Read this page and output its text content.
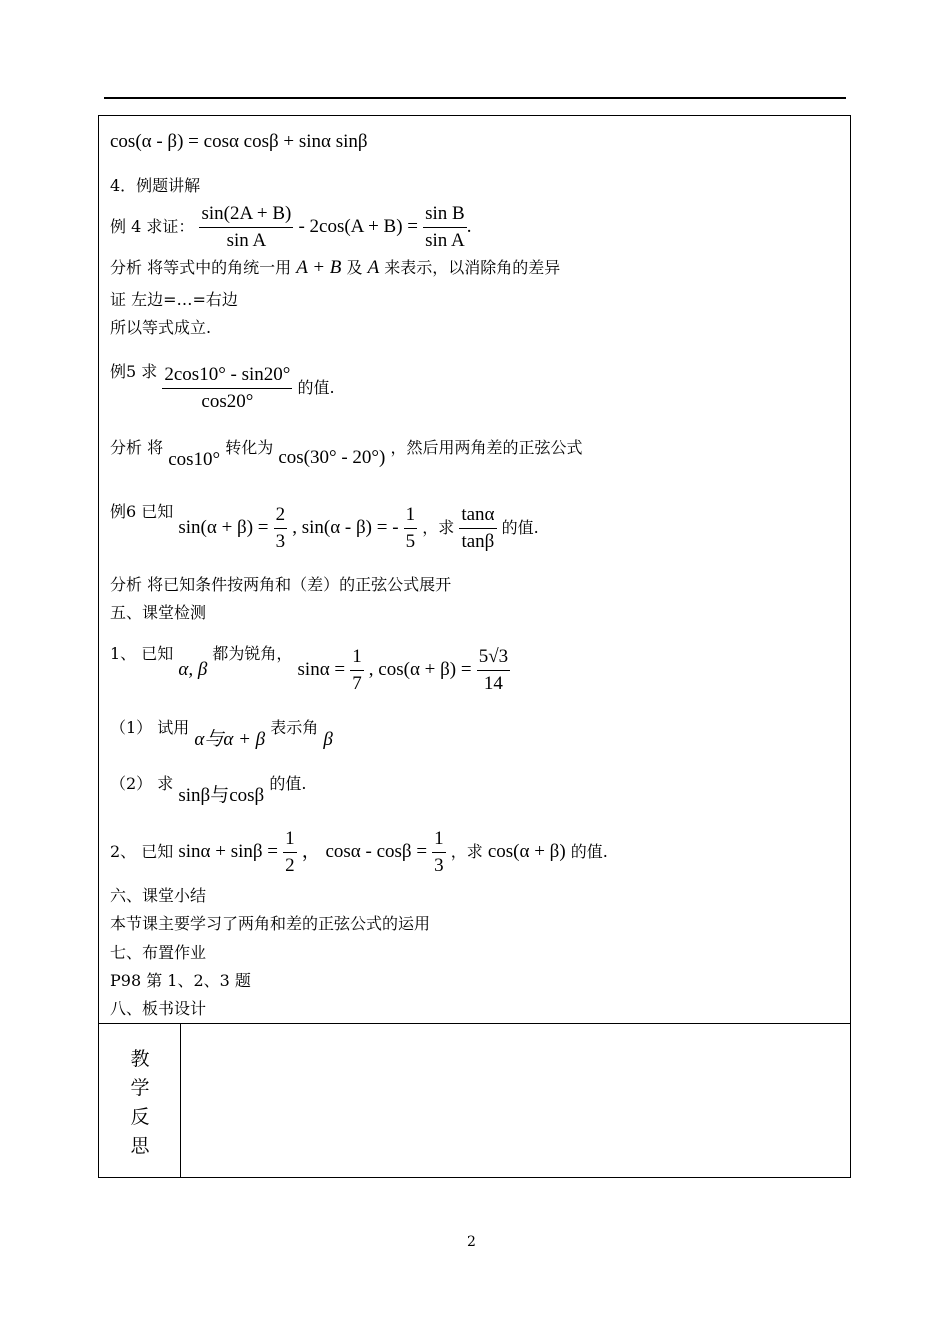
cos(α - β) = cosα cosβ + sinα sinβ
4．例题讲解
例 4 求证： $\frac{\sin(2A + B)}{\text{sin A}} - 2\cos(A + B) = \frac{\text{sin B}}{\text{sin A}}$ .
分析 将等式中的角统一用 A + B 及 A 来表示，以消除角的差异
证 左边=…=右边
所以等式成立.
例5 求 $\frac{2\cos 10^\circ - \sin 20^\circ}{\cos 20^\circ}$ 的值.
分析 将 cos10° 转化为 cos(30° - 20°) ，然后用两角差的正弦公式
例6 已知 $\sin(\alpha + \beta) = \frac{2}{3}$ , sin(α - β) = - $\frac{1}{5}$ ，求 $\frac{\tan\alpha}{\tan\beta}$ 的值.
分析 将已知条件按两角和（差）的正弦公式展开
五、课堂检测
1、 已知 α, β 都为锐角， $\sin\alpha = \frac{1}{7}$ , $\cos(\alpha + \beta) = \frac{5√3}{14}$
（1） 试用 α与α + β 表示角 β
（2） 求 sinβ与cosβ 的值.
2、 已知 $\sin\alpha + \sin\beta = \frac{1}{2}$ ， $\cos\alpha - \cos\beta = \frac{1}{3}$ ，求 cos(α + β) 的值.
六、课堂小结
本节课主要学习了两角和差的正弦公式的运用
七、布置作业
P98 第 1、2、3 题
八、板书设计
教
学
反
思
2
